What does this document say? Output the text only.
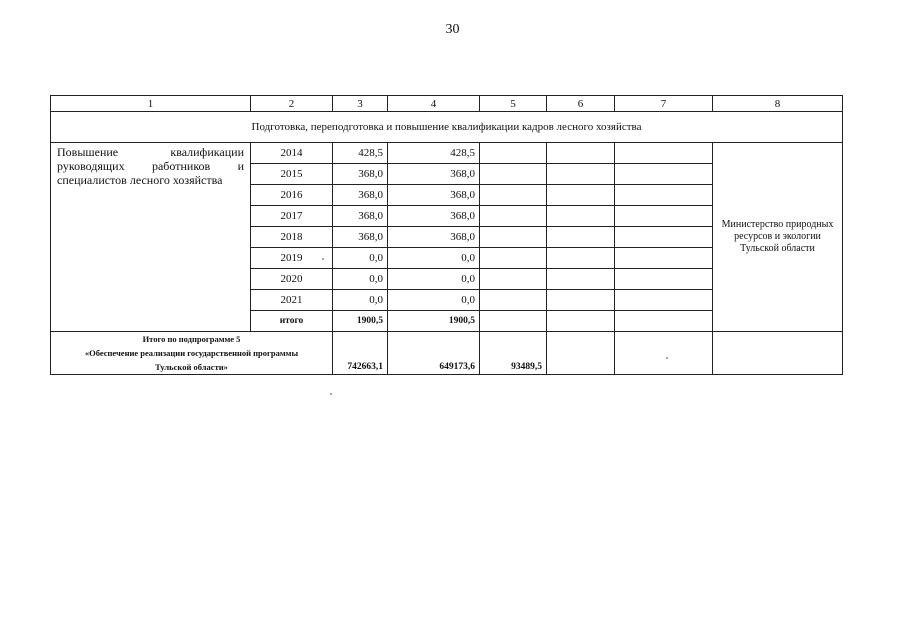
30
1	2	3	4	5	6	7	8
Подготовка, переподготовка и повышение квалификации кадров лесного хозяйства							
Повышение квалификации
руководящих работников и

специалистов лесного хозяйства	2014	428,5	428,5				Министерство природных ресурсов и экологии Тульской области
	2015	368,0	368,0				
	2016	368,0	368,0				
	2017	368,0	368,0				
	2018	368,0	368,0				
	2019	0,0	0,0				
	2020	0,0	0,0				
	2021	0,0	0,0				
	итого	1900,5	1900,5				
Итого по подпрограмме 5
«Обеспечение реализации государственной программы
Тульской области»		742663,1	649173,6	93489,5			
